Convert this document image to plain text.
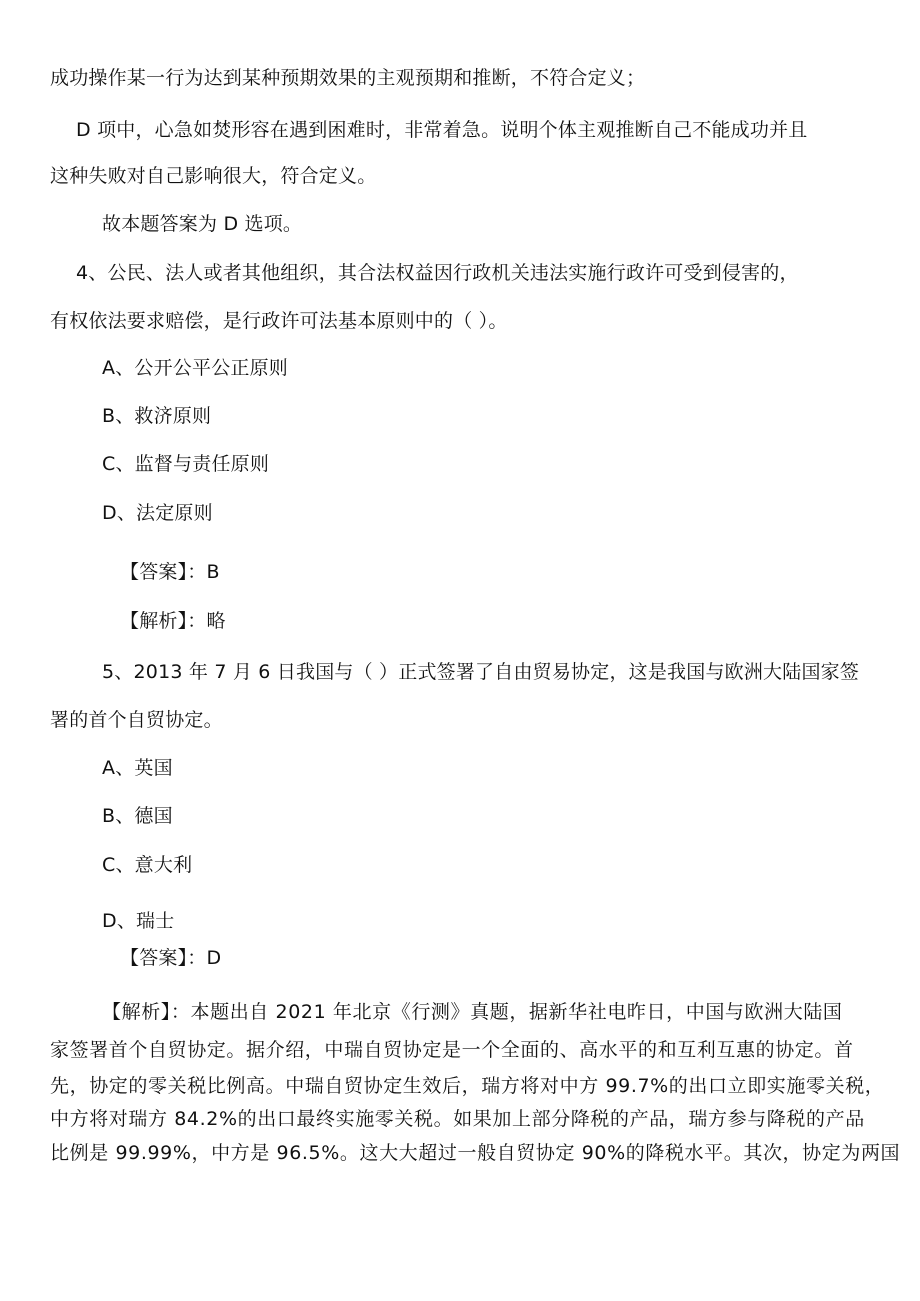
成功操作某一行为达到某种预期效果的主观预期和推断，不符合定义；
D 项中，心急如焚形容在遇到困难时，非常着急。说明个体主观推断自己不能成功并且
这种失败对自己影响很大，符合定义。
故本题答案为 D 选项。
4、公民、法人或者其他组织，其合法权益因行政机关违法实施行政许可受到侵害的，
有权依法要求赔偿，是行政许可法基本原则中的（ ）。
A、公开公平公正原则
B、救济原则
C、监督与责任原则
D、法定原则
【答案】：B
【解析】：略
5、2013 年 7 月 6 日我国与（ ）正式签署了自由贸易协定，这是我国与欧洲大陆国家签
署的首个自贸协定。
A、英国
B、德国
C、意大利
D、瑞士
【答案】：D
【解析】：本题出自 2021 年北京《行测》真题，据新华社电昨日，中国与欧洲大陆国
家签署首个自贸协定。据介绍，中瑞自贸协定是一个全面的、高水平的和互利互惠的协定。首
先，协定的零关税比例高。中瑞自贸协定生效后，瑞方将对中方 99.7%的出口立即实施零关税，
中方将对瑞方 84.2%的出口最终实施零关税。如果加上部分降税的产品，瑞方参与降税的产品
比例是 99.99%，中方是 96.5%。这大大超过一般自贸协定 90%的降税水平。其次，协定为两国
